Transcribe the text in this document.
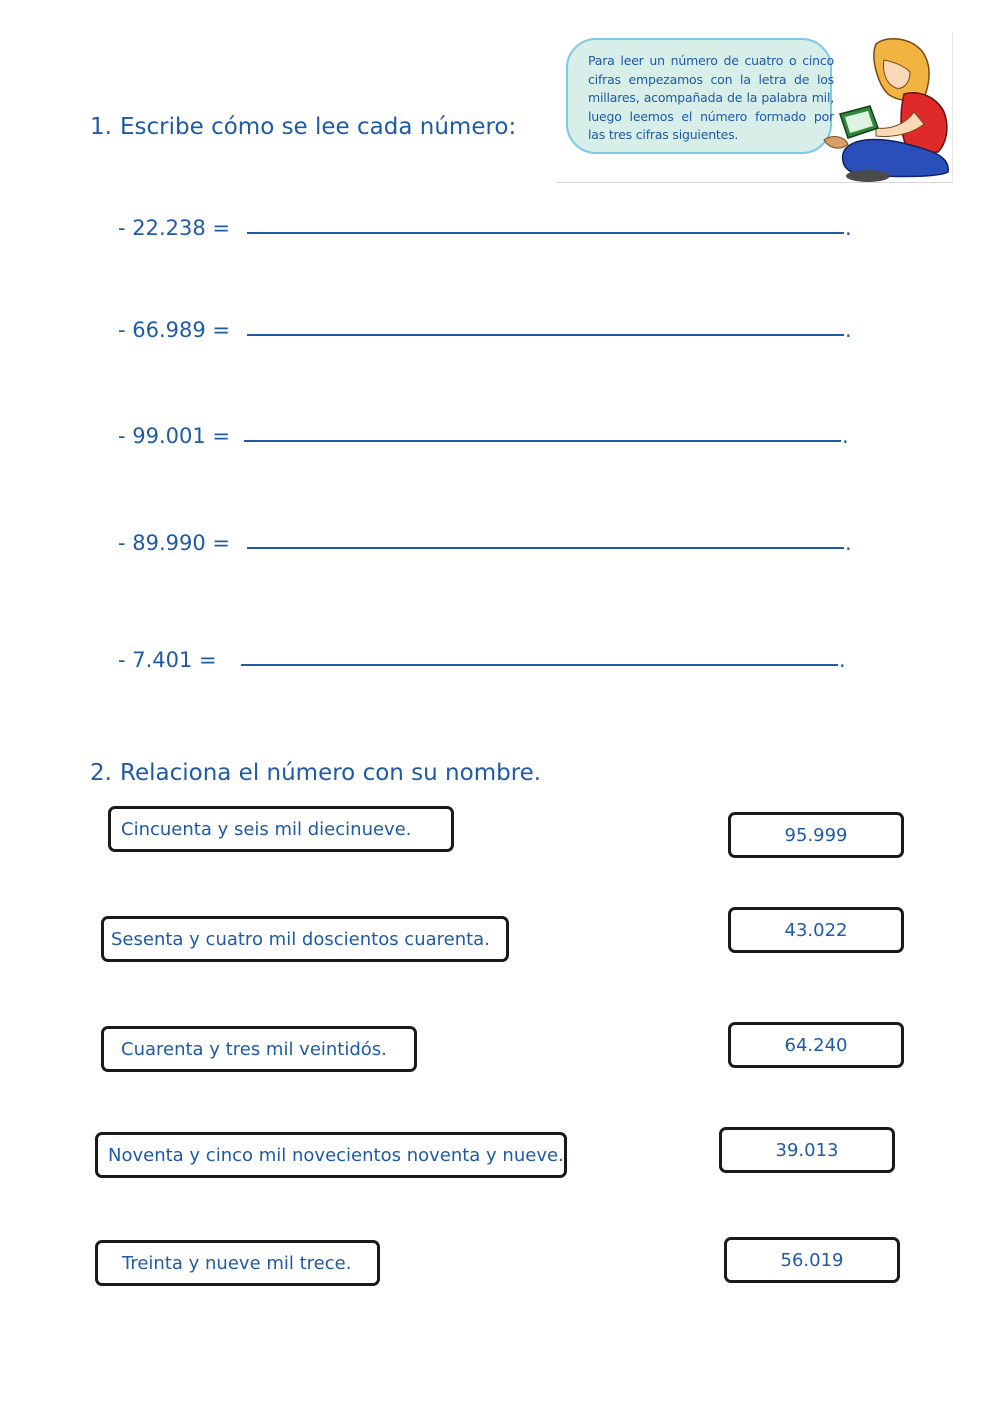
1. Escribe cómo se lee cada número:
Para leer un número de cuatro o cinco cifras empezamos con la letra de los millares, acompañada de la palabra mil, luego leemos el número formado por las tres cifras siguientes.
- 22.238 =	.
- 66.989 =	.
- 99.001 =	.
- 89.990 =	.
- 7.401 =	.
2. Relaciona el número con su nombre.
Cincuenta y seis mil diecinueve.
Sesenta y cuatro mil doscientos cuarenta.
Cuarenta y tres mil veintidós.
Noventa y cinco mil novecientos noventa y nueve.
Treinta y nueve mil trece.
95.999
43.022
64.240
39.013
56.019
